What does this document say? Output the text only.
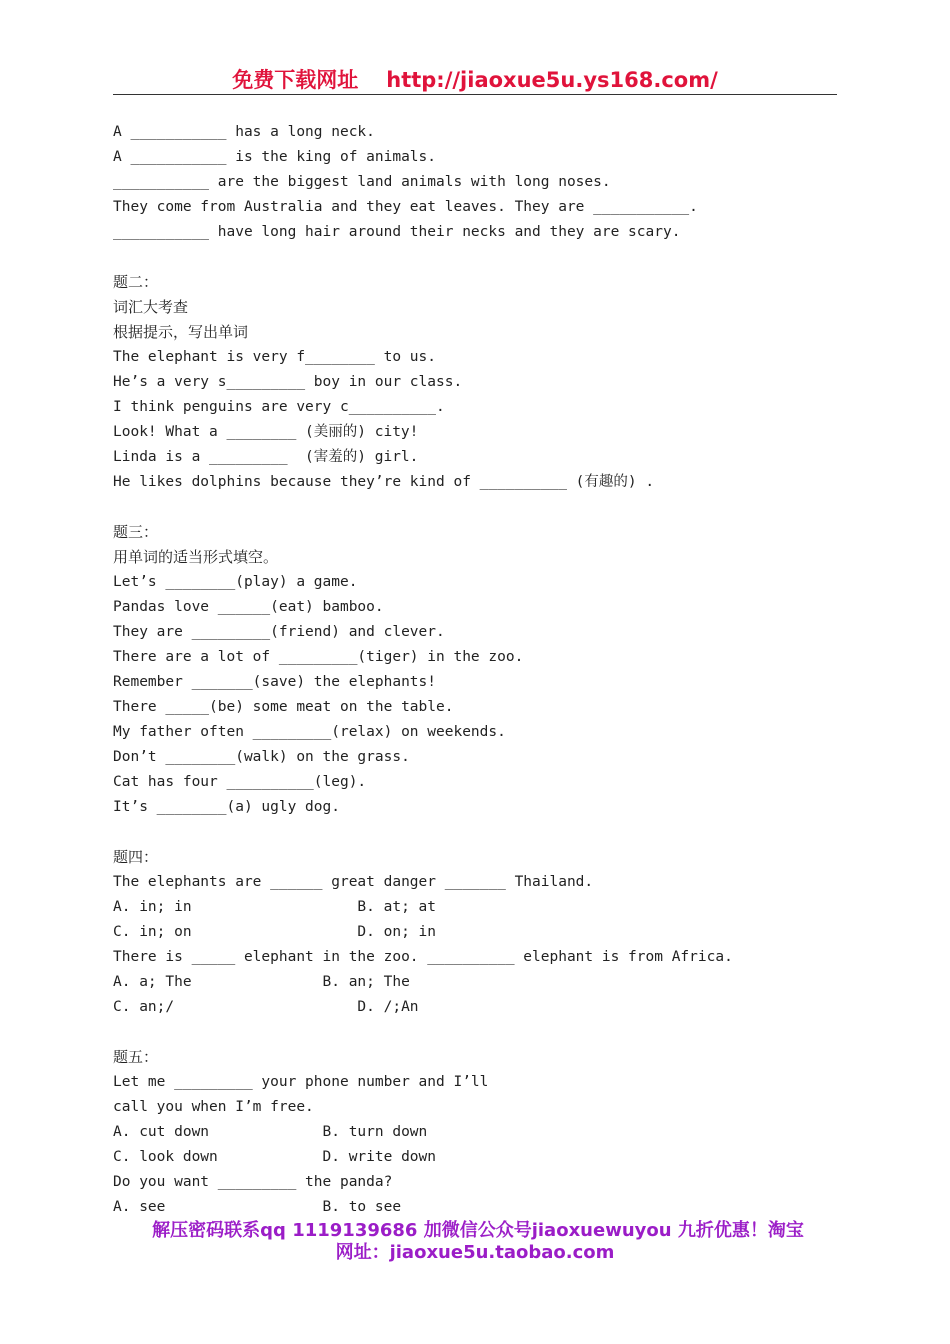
免费下载网址 http://jiaoxue5u.ys168.com/
A ___________ has a long neck.
A ___________ is the king of animals.
___________ are the biggest land animals with long noses.
They come from Australia and they eat leaves. They are ___________.
___________ have long hair around their necks and they are scary.
题二：
词汇大考查
根据提示，写出单词
The elephant is very f________ to us.
He’s a very s_________ boy in our class.
I think penguins are very c__________.
Look! What a ________ (美丽的) city!
Linda is a _________  (害羞的) girl.
He likes dolphins because they’re kind of __________ (有趣的) .
题三：
用单词的适当形式填空。
Let’s ________(play) a game.
Pandas love ______(eat) bamboo.
They are _________(friend) and clever.
There are a lot of _________(tiger) in the zoo.
Remember _______(save) the elephants!
There _____(be) some meat on the table.
My father often _________(relax) on weekends.
Don’t ________(walk) on the grass.
Cat has four __________(leg).
It’s ________(a) ugly dog.
题四：
The elephants are ______ great danger _______ Thailand.
A. in; in                   B. at; at
C. in; on                   D. on; in
There is _____ elephant in the zoo. __________ elephant is from Africa.
A. a; The               B. an; The
C. an;/                     D. /;An
题五：
Let me _________ your phone number and I’ll
call you when I’m free.
A. cut down             B. turn down
C. look down            D. write down
Do you want _________ the panda?
A. see                  B. to see
解压密码联系qq 1119139686 加微信公众号jiaoxuewuyou 九折优惠！淘宝
网址：jiaoxue5u.taobao.com
